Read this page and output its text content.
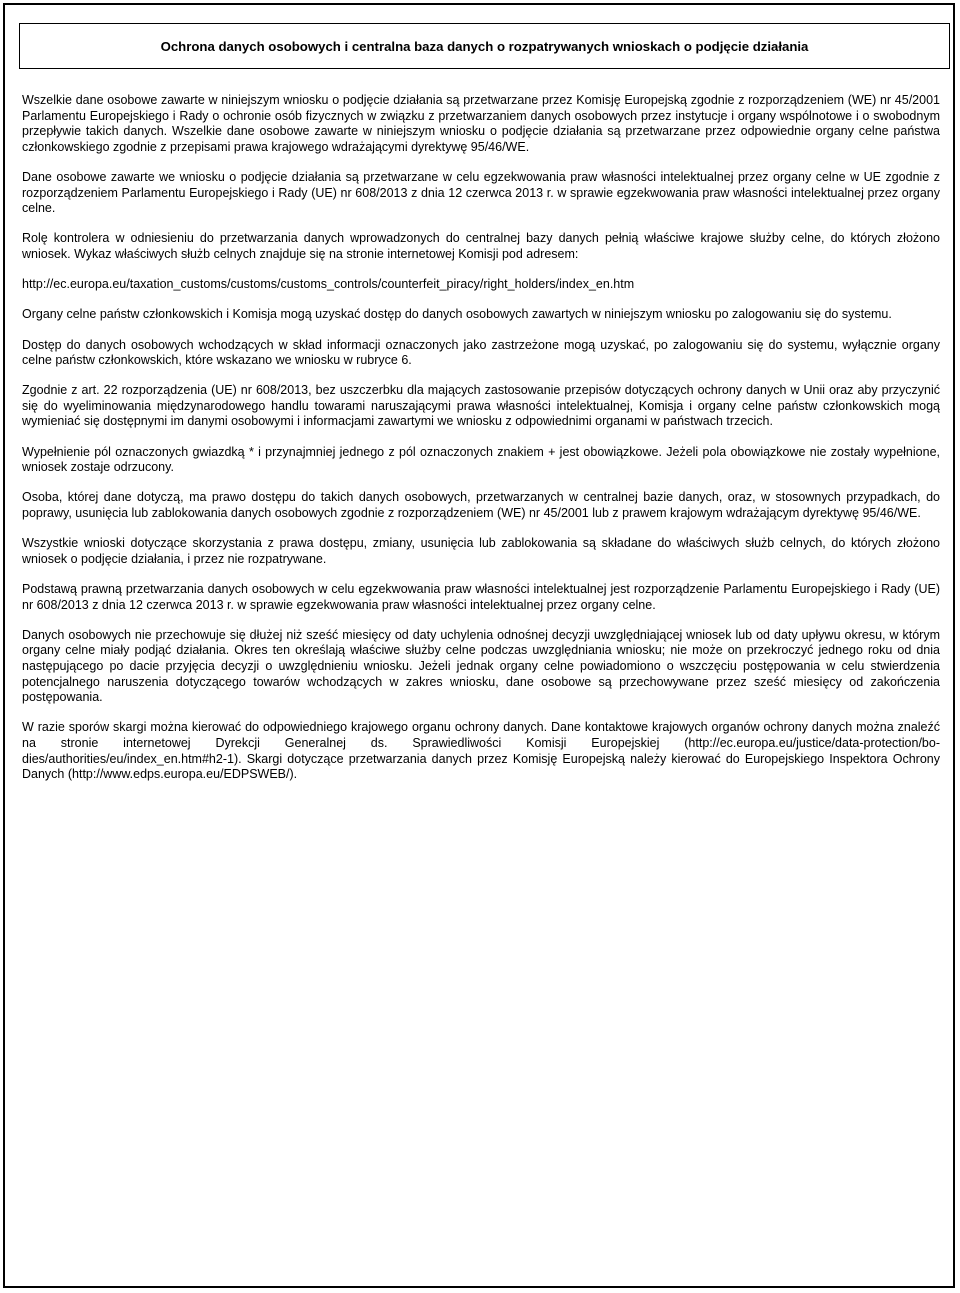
Ochrona danych osobowych i centralna baza danych o rozpatrywanych wnioskach o podjęcie działania

Wszelkie dane osobowe zawarte w niniejszym wniosku o podjęcie działania są przetwarzane przez Komisję Europejską zgodnie z rozporządzeniem (WE) nr 45/2001 Parlamentu Europejskiego i Rady o ochronie osób fizycznych w związku z przetwarzaniem danych osobowych przez instytucje i organy wspólnotowe i o swobodnym przepływie takich danych. Wszelkie dane osobowe zawarte w niniejszym wniosku o podjęcie działania są przetwarzane przez odpowiednie organy celne państwa członkowskiego zgodnie z przepisami prawa krajowego wdrażającymi dyrektywę 95/46/WE.

Dane osobowe zawarte we wniosku o podjęcie działania są przetwarzane w celu egzekwowania praw własności intelektualnej przez organy celne w UE zgodnie z rozporządzeniem Parlamentu Europejskiego i Rady (UE) nr 608/2013 z dnia 12 czerwca 2013 r. w sprawie egzekwowania praw własności intelektualnej przez organy celne.

Rolę kontrolera w odniesieniu do przetwarzania danych wprowadzonych do centralnej bazy danych pełnią właściwe krajowe służby celne, do których złożono wniosek. Wykaz właściwych służb celnych znajduje się na stronie internetowej Komisji pod adresem:

http://ec.europa.eu/taxation_customs/customs/customs_controls/counterfeit_piracy/right_holders/index_en.htm

Organy celne państw członkowskich i Komisja mogą uzyskać dostęp do danych osobowych zawartych w niniejszym wniosku po zalogowaniu się do systemu.

Dostęp do danych osobowych wchodzących w skład informacji oznaczonych jako zastrzeżone mogą uzyskać, po zalogowaniu się do systemu, wyłącznie organy celne państw członkowskich, które wskazano we wniosku w rubryce 6.

Zgodnie z art. 22 rozporządzenia (UE) nr 608/2013, bez uszczerbku dla mających zastosowanie przepisów dotyczących ochrony danych w Unii oraz aby przyczynić się do wyeliminowania międzynarodowego handlu towarami naruszającymi prawa własności intelektualnej, Komisja i organy celne państw członkowskich mogą wymieniać się dostępnymi im danymi osobowymi i informacjami zawartymi we wniosku z odpowiednimi organami w państwach trzecich.

Wypełnienie pól oznaczonych gwiazdką * i przynajmniej jednego z pól oznaczonych znakiem + jest obowiązkowe. Jeżeli pola obowiązkowe nie zostały wypełnione, wniosek zostaje odrzucony.

Osoba, której dane dotyczą, ma prawo dostępu do takich danych osobowych, przetwarzanych w centralnej bazie danych, oraz, w stosownych przypadkach, do poprawy, usunięcia lub zablokowania danych osobowych zgodnie z rozporządzeniem (WE) nr 45/2001 lub z prawem krajowym wdrażającym dyrektywę 95/46/WE.

Wszystkie wnioski dotyczące skorzystania z prawa dostępu, zmiany, usunięcia lub zablokowania są składane do właściwych służb celnych, do których złożono wniosek o podjęcie działania, i przez nie rozpatrywane.

Podstawą prawną przetwarzania danych osobowych w celu egzekwowania praw własności intelektualnej jest rozporządzenie Parlamentu Europejskiego i Rady (UE) nr 608/2013 z dnia 12 czerwca 2013 r. w sprawie egzekwowania praw własności intelektualnej przez organy celne.

Danych osobowych nie przechowuje się dłużej niż sześć miesięcy od daty uchylenia odnośnej decyzji uwzględniającej wniosek lub od daty upływu okresu, w którym organy celne miały podjąć działania. Okres ten określają właściwe służby celne podczas uwzględniania wniosku; nie może on przekroczyć jednego roku od dnia następującego po dacie przyjęcia decyzji o uwzględnieniu wniosku. Jeżeli jednak organy celne powiadomiono o wszczęciu postępowania w celu stwierdzenia potencjalnego naruszenia dotyczącego towarów wchodzących w zakres wniosku, dane osobowe są przechowywane przez sześć miesięcy od zakończenia postępowania.

W razie sporów skargi można kierować do odpowiedniego krajowego organu ochrony danych. Dane kontaktowe krajowych organów ochrony danych można znaleźć na stronie internetowej Dyrekcji Generalnej ds. Sprawiedliwości Komisji Europejskiej (http://ec.europa.eu/justice/data-protection/bodies/authorities/eu/index_en.htm#h2-1). Skargi dotyczące przetwarzania danych przez Komisję Europejską należy kierować do Europejskiego Inspektora Ochrony Danych (http://www.edps.europa.eu/EDPSWEB/).
